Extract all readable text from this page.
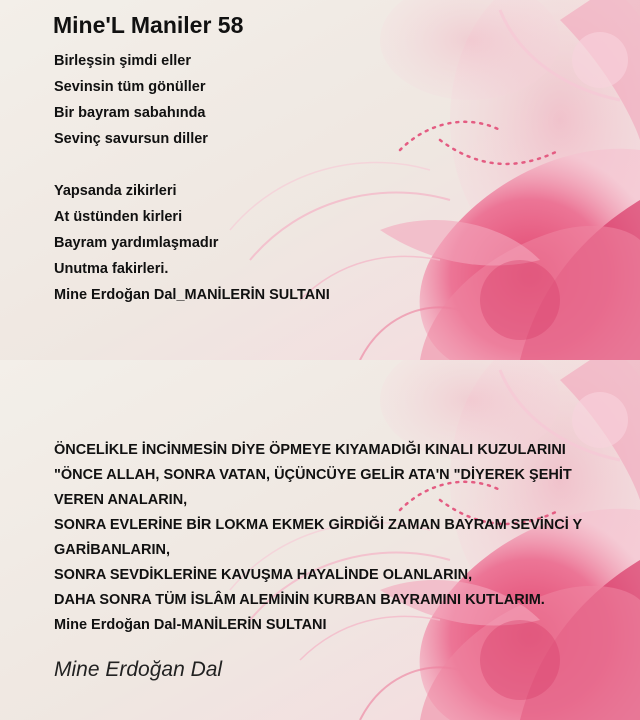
Mine'L Maniler 58
Birleşsin şimdi eller
Sevinsin tüm gönüller
Bir bayram sabahında
Sevinç savursun diller
Yapsanda zikirleri
At üstünden kirleri
Bayram yardımlaşmadır
Unutma fakirleri.
Mine Erdoğan Dal_MANİLERİN SULTANI
ÖNCELİKLE İNCİNMESİN DİYE ÖPMEYE KIYAMADIĞI KINALI KUZULARINI
"ÖNCE ALLAH, SONRA VATAN, ÜÇÜNCÜYE GELİR ATA'N "DİYEREK ŞEHİT
VEREN ANALARIN,
SONRA EVLERİNE BİR LOKMA EKMEK GİRDİĞİ ZAMAN BAYRAM SEVİNCİ Y
GARİBANLARIN,
SONRA SEVDİKLERİNE KAVUŞMA HAYALİNDE OLANLARIN,
DAHA SONRA TÜM İSLÂM ALEMİNİN KURBAN BAYRAMINI KUTLARIM.
Mine Erdoğan Dal-MANİLERİN SULTANI
Mine Erdoğan Dal
